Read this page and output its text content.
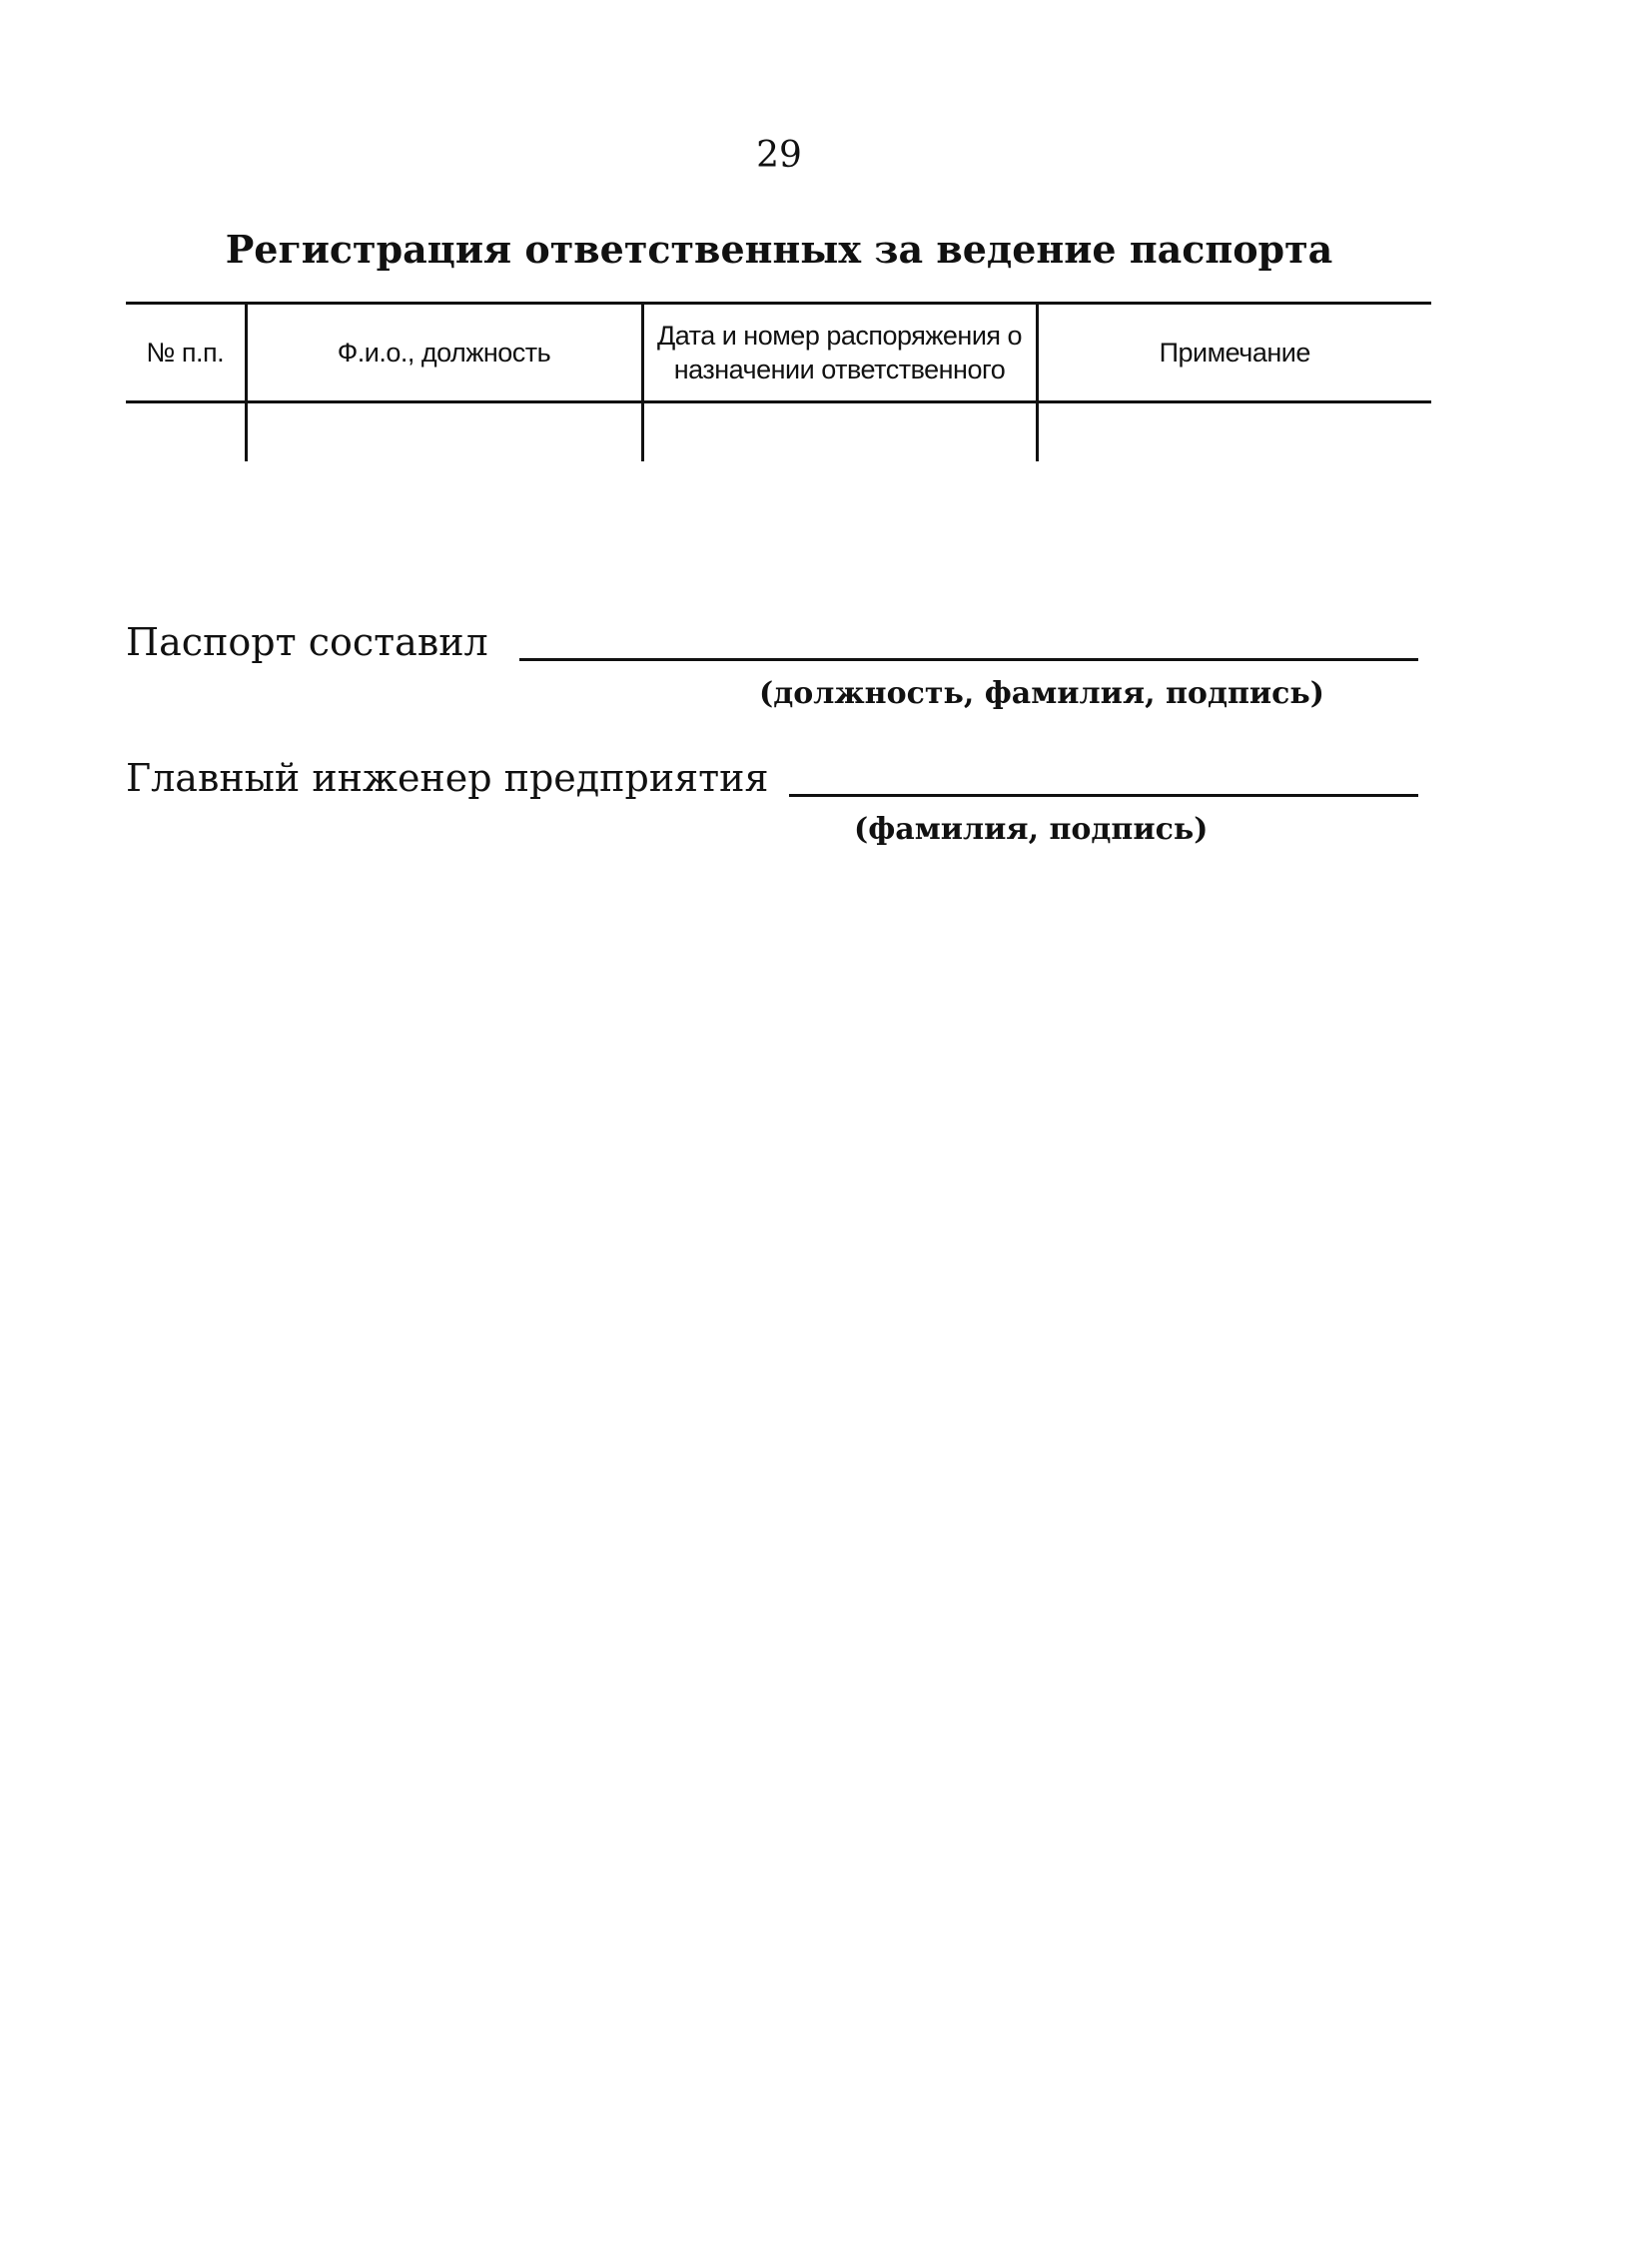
29
Регистрация ответственных за ведение паспорта
№ п.п.	Ф.и.о., должность	Дата и номер распоряжения о назначении ответственного	Примечание

Паспорт составил
(должность, фамилия, подпись)
Главный инженер предприятия
(фамилия, подпись)
